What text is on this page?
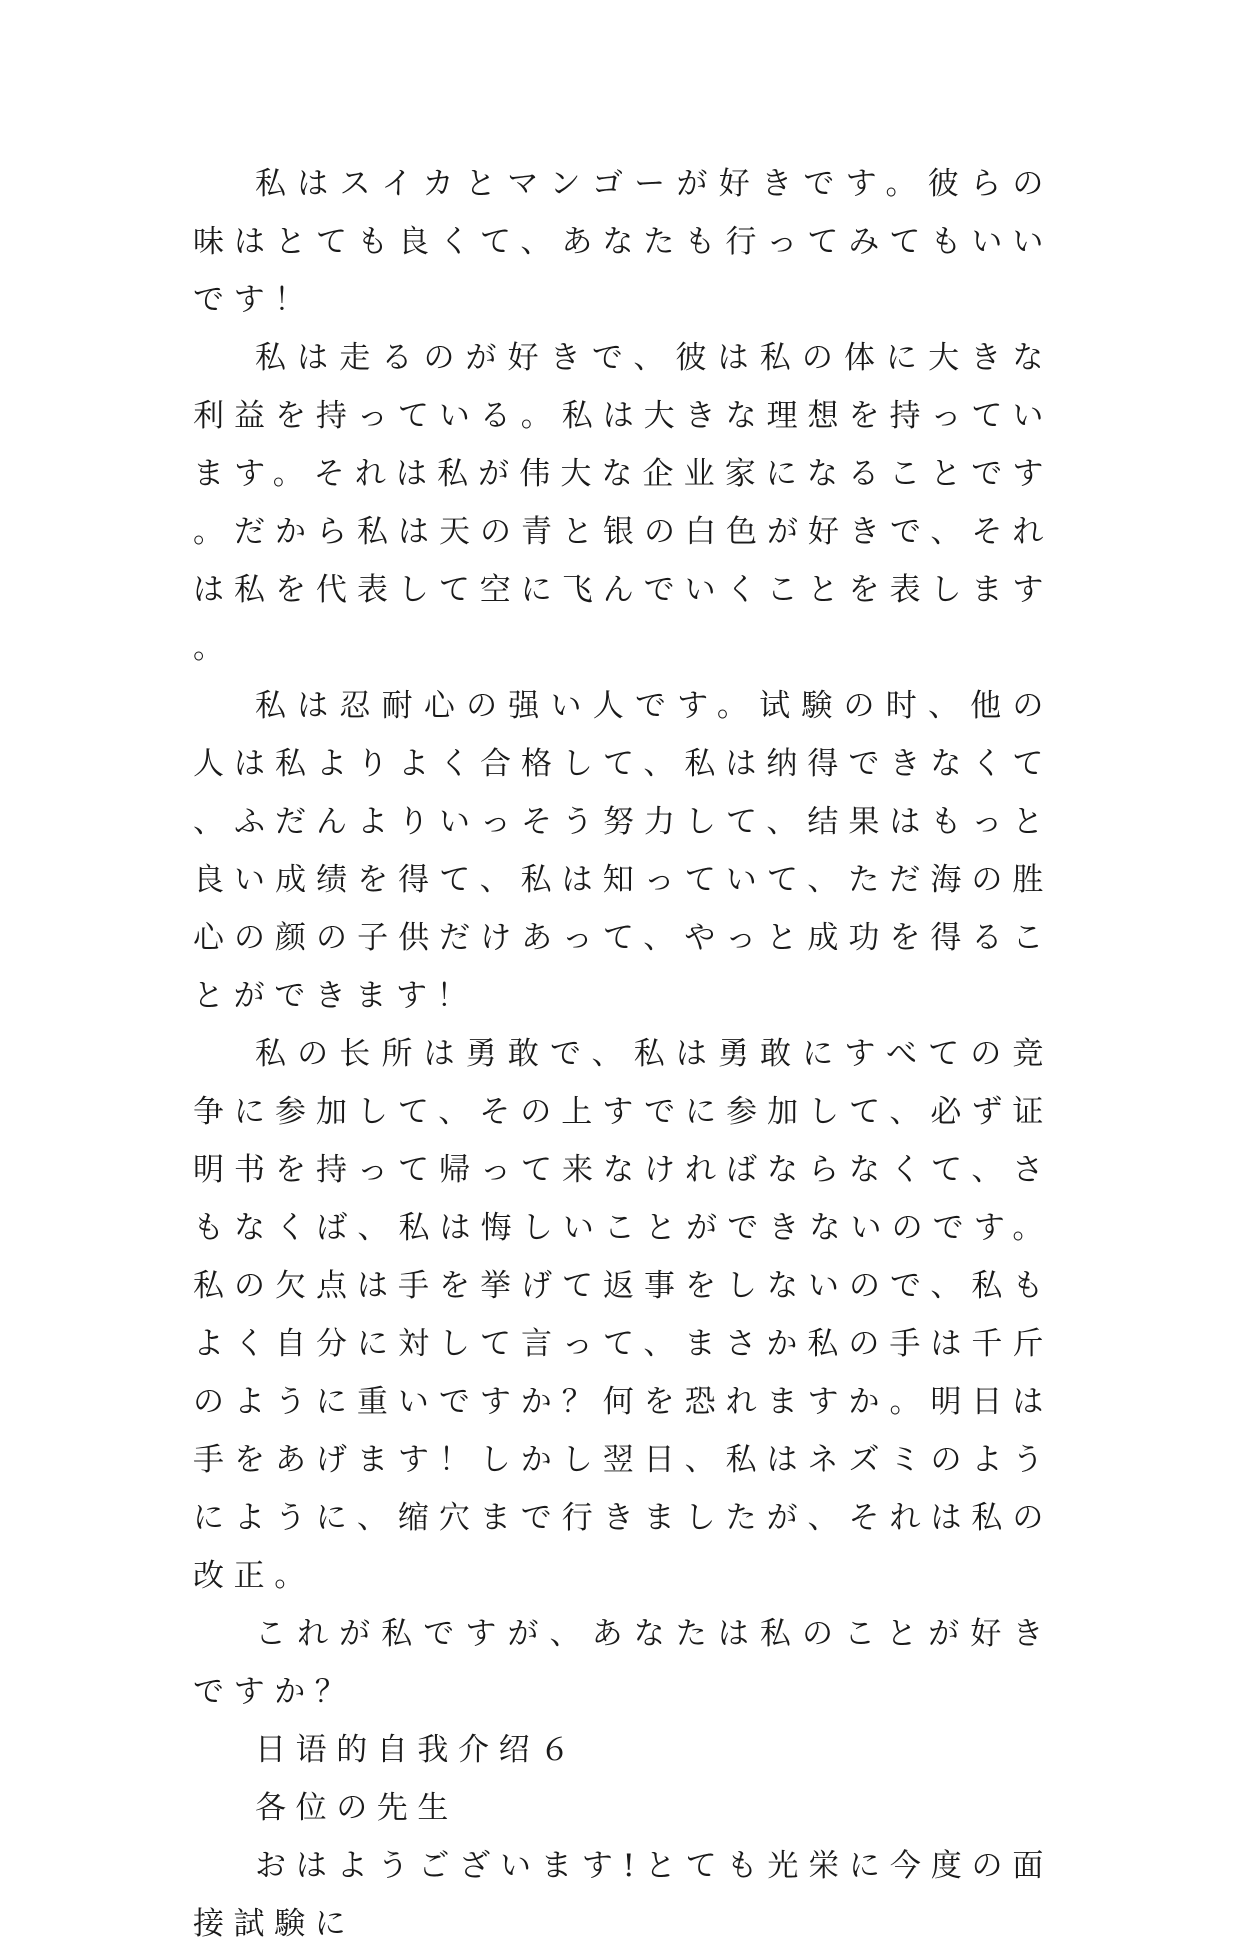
私はスイカとマンゴーが好きです。彼らの味はとても良くて、あなたも行ってみてもいいです！

私は走るのが好きで、彼は私の体に大きな利益を持っている。私は大きな理想を持っています。それは私が伟大な企业家になることです。だから私は天の青と银の白色が好きで、それは私を代表して空に飞んでいくことを表します。

私は忍耐心の强い人です。试験の时、他の人は私よりよく合格して、私は纳得できなくて、ふだんよりいっそう努力して、结果はもっと良い成绩を得て、私は知っていて、ただ海の胜心の颜の子供だけあって、やっと成功を得ることができます！

私の长所は勇敢で、私は勇敢にすべての竞争に参加して、その上すでに参加して、必ず证明书を持って帰って来なければならなくて、さもなくば、私は悔しいことができないのです。私の欠点は手を挙げて返事をしないので、私もよく自分に対して言って、まさか私の手は千斤のように重いですか？何を恐れますか。明日は手をあげます！しかし翌日、私はネズミのようにように、缩穴まで行きましたが、それは私の改正。

これが私ですが、あなたは私のことが好きですか？

日语的自我介绍６

各位の先生

おはようございます!とても光栄に今度の面接試験に
